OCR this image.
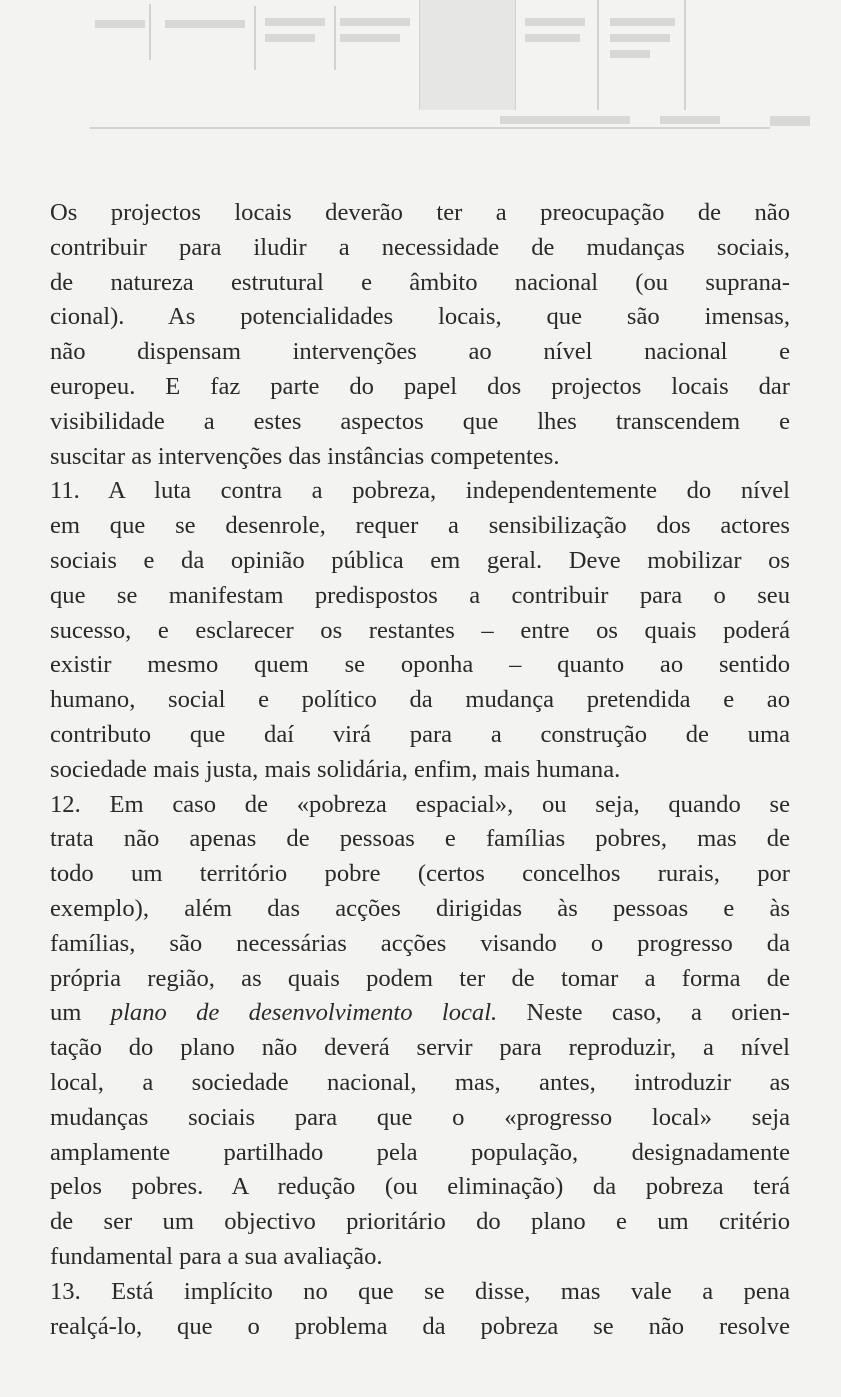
Os projectos locais deverão ter a preocupação de não
contribuir para iludir a necessidade de mudanças sociais,
de natureza estrutural e âmbito nacional (ou suprana-
cional). As potencialidades locais, que são imensas,
não dispensam intervenções ao nível nacional e
europeu. E faz parte do papel dos projectos locais dar
visibilidade a estes aspectos que lhes transcendem e
suscitar as intervenções das instâncias competentes.
11. A luta contra a pobreza, independentemente do nível
em que se desenrole, requer a sensibilização dos actores
sociais e da opinião pública em geral. Deve mobilizar os
que se manifestam predispostos a contribuir para o seu
sucesso, e esclarecer os restantes – entre os quais poderá
existir mesmo quem se oponha – quanto ao sentido
humano, social e político da mudança pretendida e ao
contributo que daí virá para a construção de uma
sociedade mais justa, mais solidária, enfim, mais humana.
12. Em caso de «pobreza espacial», ou seja, quando se
trata não apenas de pessoas e famílias pobres, mas de
todo um território pobre (certos concelhos rurais, por
exemplo), além das acções dirigidas às pessoas e às
famílias, são necessárias acções visando o progresso da
própria região, as quais podem ter de tomar a forma de
um plano de desenvolvimento local. Neste caso, a orien-
tação do plano não deverá servir para reproduzir, a nível
local, a sociedade nacional, mas, antes, introduzir as
mudanças sociais para que o «progresso local» seja
amplamente partilhado pela população, designadamente
pelos pobres. A redução (ou eliminação) da pobreza terá
de ser um objectivo prioritário do plano e um critério
fundamental para a sua avaliação.
13. Está implícito no que se disse, mas vale a pena
realçá-lo, que o problema da pobreza se não resolve
